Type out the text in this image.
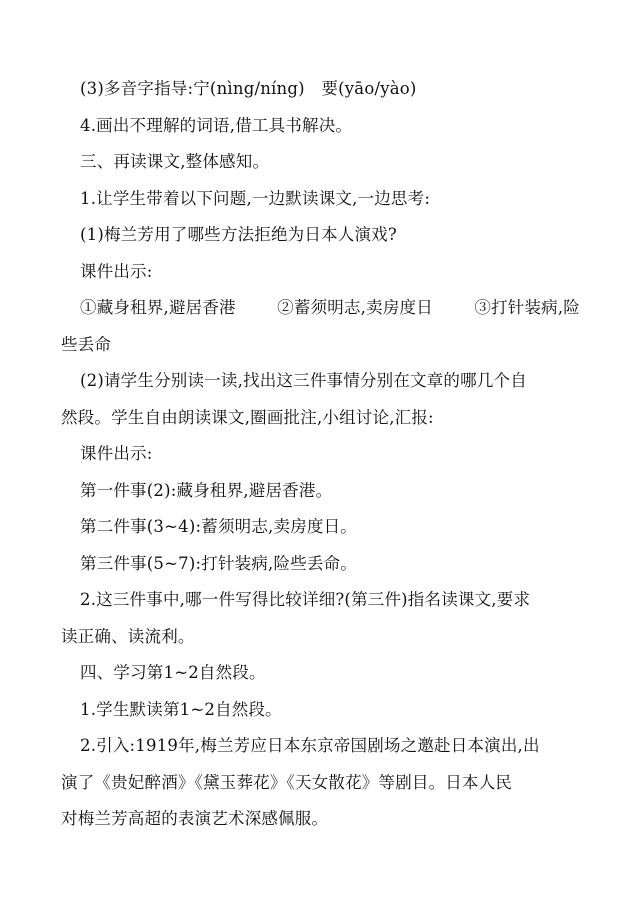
(3)多音字指导:宁(nìng/níng)　要(yāo/yào)
4.画出不理解的词语,借工具书解决。
三、再读课文,整体感知。
1.让学生带着以下问题,一边默读课文,一边思考:
(1)梅兰芳用了哪些方法拒绝为日本人演戏?
课件出示:
①藏身租界,避居香港	②蓄须明志,卖房度日	③打针装病,险
些丢命
(2)请学生分别读一读,找出这三件事情分别在文章的哪几个自
然段。学生自由朗读课文,圈画批注,小组讨论,汇报:
课件出示:
第一件事(2):藏身租界,避居香港。
第二件事(3~4):蓄须明志,卖房度日。
第三件事(5~7):打针装病,险些丢命。
2.这三件事中,哪一件写得比较详细?(第三件)指名读课文,要求
读正确、读流利。
四、学习第1~2自然段。
1.学生默读第1~2自然段。
2.引入:1919年,梅兰芳应日本东京帝国剧场之邀赴日本演出,出
演了《贵妃醉酒》《黛玉葬花》《天女散花》等剧目。日本人民
对梅兰芳高超的表演艺术深感佩服。
